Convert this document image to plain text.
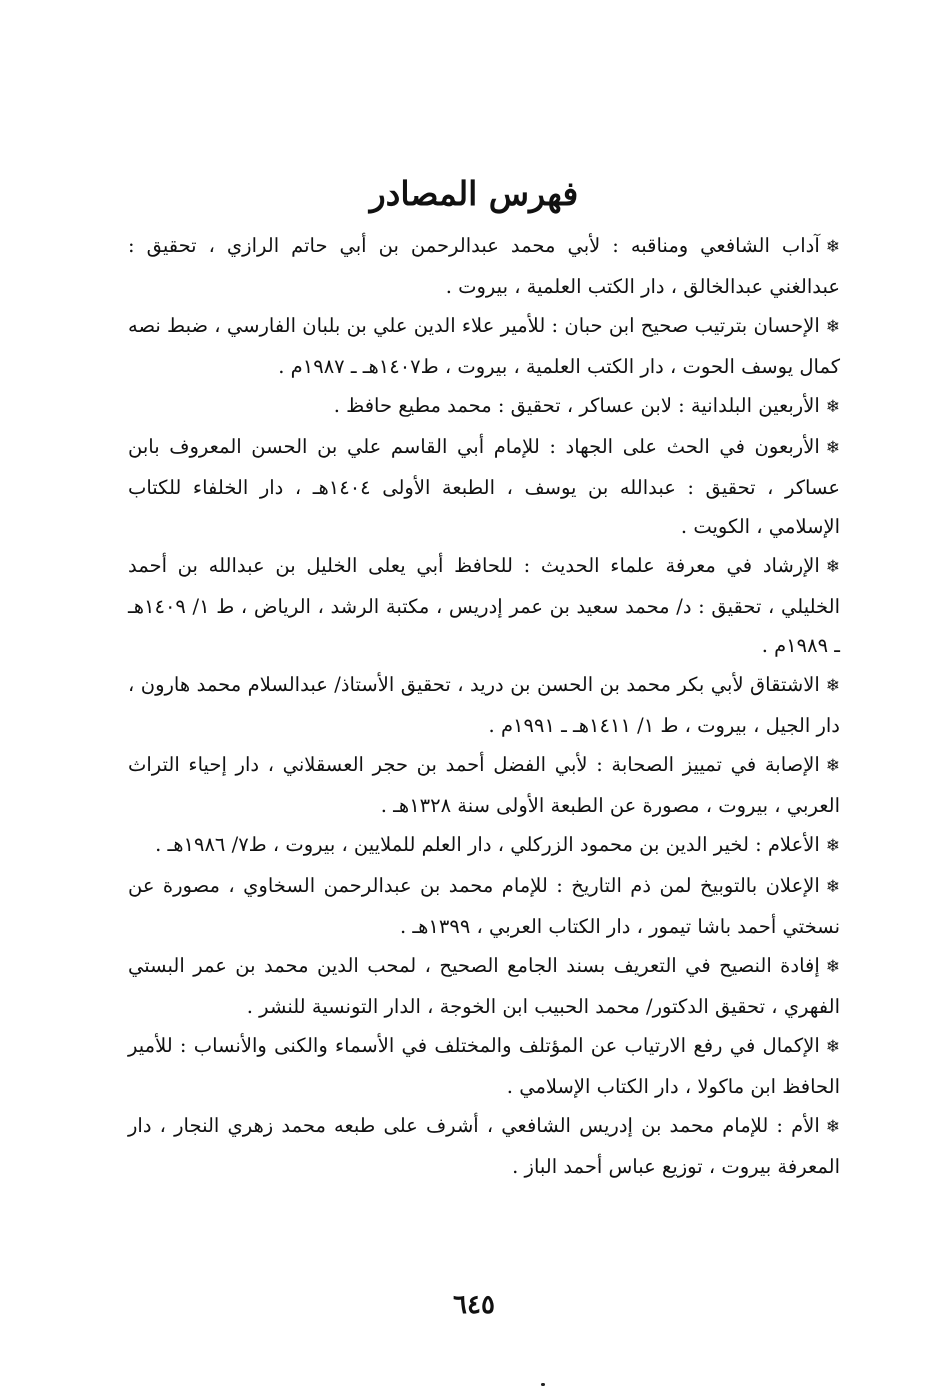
فهرس المصادر

❄آداب الشافعي ومناقبه : لأبي محمد عبدالرحمن بن أبي حاتم الرازي ، تحقيق : عبدالغني عبدالخالق ، دار الكتب العلمية ، بيروت .

❄الإحسان بترتيب صحيح ابن حبان : للأمير علاء الدين علي بن بلبان الفارسي ، ضبط نصه كمال يوسف الحوت ، دار الكتب العلمية ، بيروت ، ط١٤٠٧هـ ـ ١٩٨٧م .

❄الأربعين البلدانية : لابن عساكر ، تحقيق : محمد مطيع حافظ .

❄الأربعون في الحث على الجهاد : للإمام أبي القاسم علي بن الحسن المعروف بابن عساكر ، تحقيق : عبدالله بن يوسف ، الطبعة الأولى ١٤٠٤هـ ، دار الخلفاء للكتاب الإسلامي ، الكويت .

❄الإرشاد في معرفة علماء الحديث : للحافظ أبي يعلى الخليل بن عبدالله بن أحمد الخليلي ، تحقيق : د/ محمد سعيد بن عمر إدريس ، مكتبة الرشد ، الرياض ، ط ١/ ١٤٠٩هـ ـ ١٩٨٩م .

❄الاشتقاق لأبي بكر محمد بن الحسن بن دريد ، تحقيق الأستاذ/ عبدالسلام محمد هارون ، دار الجيل ، بيروت ، ط ١/ ١٤١١هـ ـ ١٩٩١م .

❄الإصابة في تمييز الصحابة : لأبي الفضل أحمد بن حجر العسقلاني ، دار إحياء التراث العربي ، بيروت ، مصورة عن الطبعة الأولى سنة ١٣٢٨هـ .

❄الأعلام : لخير الدين بن محمود الزركلي ، دار العلم للملايين ، بيروت ، ط٧/ ١٩٨٦هـ .

❄الإعلان بالتوبيخ لمن ذم التاريخ : للإمام محمد بن عبدالرحمن السخاوي ، مصورة عن نسختي أحمد باشا تيمور ، دار الكتاب العربي ، ١٣٩٩هـ .

❄إفادة النصيح في التعريف بسند الجامع الصحيح ، لمحب الدين محمد بن عمر البستي الفهري ، تحقيق الدكتور/ محمد الحبيب ابن الخوجة ، الدار التونسية للنشر .

❄الإكمال في رفع الارتياب عن المؤتلف والمختلف في الأسماء والكنى والأنساب : للأمير الحافظ ابن ماكولا ، دار الكتاب الإسلامي .

❄الأم : للإمام محمد بن إدريس الشافعي ، أشرف على طبعه محمد زهري النجار ، دار المعرفة بيروت ، توزيع عباس أحمد الباز .

٦٤٥
